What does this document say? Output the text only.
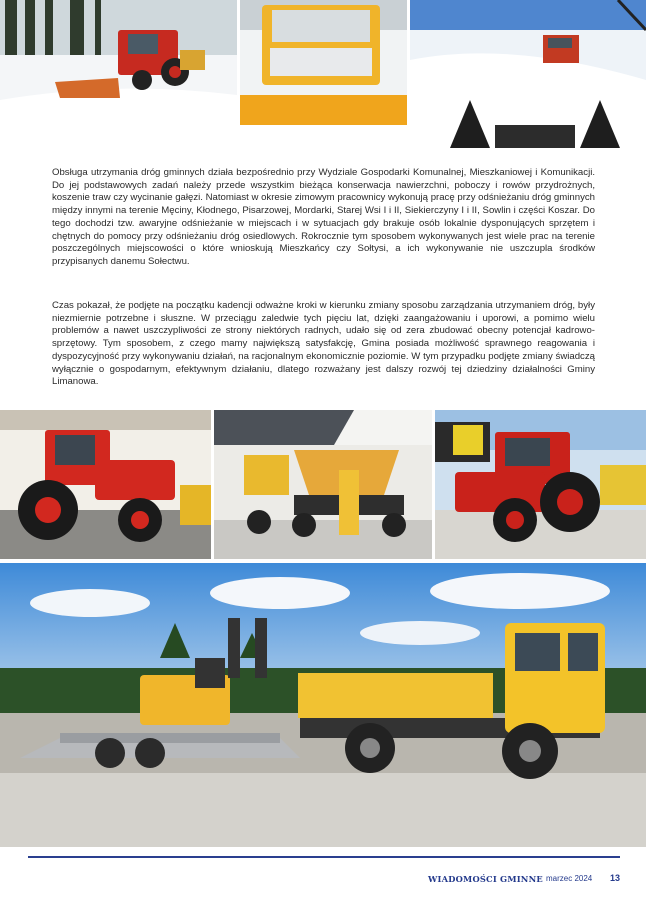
Obsługa utrzymania dróg gminnych działa bezpośrednio przy Wydziale Gospodarki Komunalnej, Mieszkaniowej i Komunikacji. Do jej podstawowych zadań należy przede wszystkim bieżąca konserwacja nawierzchni, poboczy i rowów przydrożnych, koszenie traw czy wycinanie gałęzi. Natomiast w okresie zimowym pracownicy wykonują pracę przy odśnieżaniu dróg gminnych między innymi na terenie Męciny, Kłodnego, Pisarzowej, Mordarki, Starej Wsi I i II, Siekierczyny I i II, Sowlin i części Koszar. Do tego dochodzi tzw. awaryjne odśnieżanie w miejscach i w sytuacjach gdy brakuje osób lokalnie dysponujących sprzętem i chętnych do pomocy przy odśnieżaniu dróg osiedlowych. Rokrocznie tym sposobem wykonywanych jest wiele prac na terenie poszczególnych miejscowości o które wnioskują Mieszkańcy czy Sołtysi, a ich wykonywanie nie uszczupla środków przypisanych danemu Sołectwu.

Czas pokazał, że podjęte na początku kadencji odważne kroki w kierunku zmiany sposobu zarządzania utrzymaniem dróg, były niezmiernie potrzebne i słuszne. W przeciągu zaledwie tych pięciu lat, dzięki zaangażowaniu i uporowi, a pomimo wielu problemów a nawet uszczypliwości ze strony niektórych radnych, udało się od zera zbudować obecny potencjał kadrowo-sprzętowy. Tym sposobem, z czego mamy największą satysfakcję, Gmina posiada możliwość sprawnego reagowania i dyspozycyjność przy wykonywaniu działań, na racjonalnym ekonomicznie poziomie. W tym przypadku podjęte zmiany świadczą wyłącznie o gospodarnym, efektywnym działaniu, dlatego rozważany jest dalszy rozwój tej dziedziny działalności Gminy Limanowa.

WIADOMOŚCI GMINNE marzec 2024 13
